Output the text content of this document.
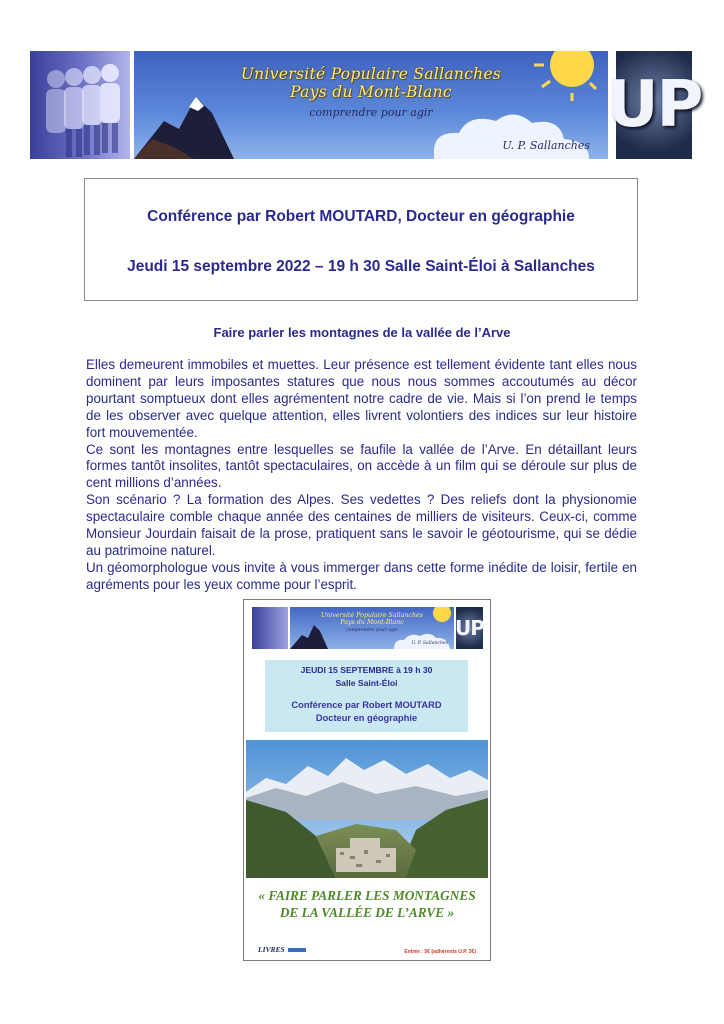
Université Populaire Sallanches
Pays du Mont-Blanc
comprendre pour agir
U. P. Sallanches
UP

Conférence par Robert MOUTARD, Docteur en géographie

Jeudi 15 septembre 2022 – 19 h 30 Salle Saint-Éloi à Sallanches

Faire parler les montagnes de la vallée de l’Arve

Elles demeurent immobiles et muettes. Leur présence est tellement évidente tant elles nous dominent par leurs imposantes statures que nous nous sommes accoutumés au décor pourtant somptueux dont elles agrémentent notre cadre de vie. Mais si l’on prend le temps de les observer avec quelque attention, elles livrent volontiers des indices sur leur histoire fort mouvementée.

Ce sont les montagnes entre lesquelles se faufile la vallée de l’Arve. En détaillant leurs formes tantôt insolites, tantôt spectaculaires, on accède à un film qui se déroule sur plus de cent millions d’années.

Son scénario ? La formation des Alpes. Ses vedettes ? Des reliefs dont la physionomie spectaculaire comble chaque année des centaines de milliers de visiteurs. Ceux-ci, comme Monsieur Jourdain faisait de la prose, pratiquent sans le savoir le géotourisme, qui se dédie au patrimoine naturel.

Un géomorphologue vous invite à vous immerger dans cette forme inédite de loisir, fertile en agréments pour les yeux comme pour l’esprit.

Université Populaire Sallanches
Pays du Mont-Blanc
comprendre pour agir
U. P. Sallanches
UP

JEUDI 15 SEPTEMBRE à 19 h 30

Salle Saint-Éloi

Conférence par Robert MOUTARD

Docteur en géographie

« FAIRE PARLER LES MONTAGNES
DE LA VALLÉE DE L’ARVE »
LIVRES	Entrée : 5€ (adhérents U.P. 3€)
